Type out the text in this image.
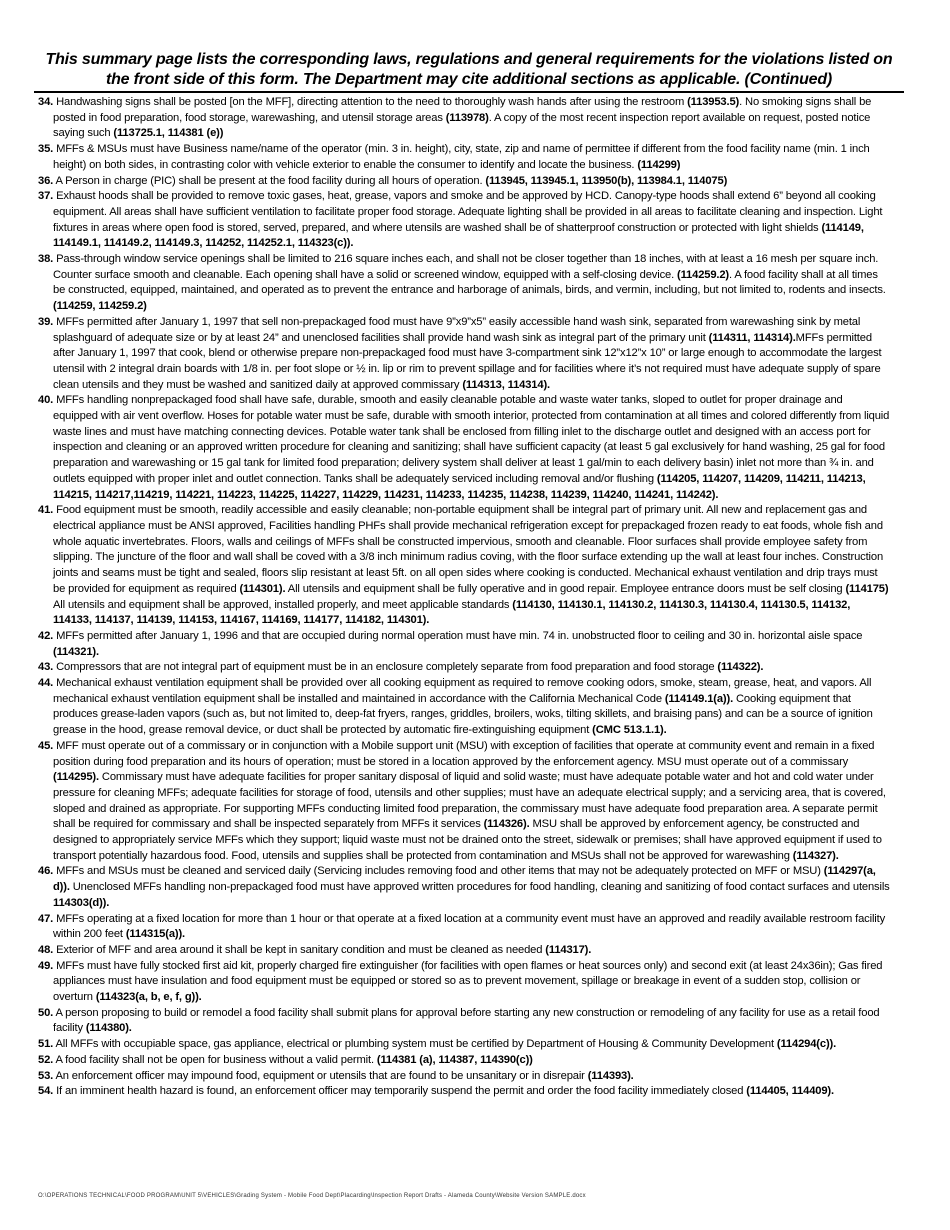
This summary page lists the corresponding laws, regulations and general requirements for the violations listed on the front side of this form. The Department may cite additional sections as applicable. (Continued)

34. Handwashing signs shall be posted [on the MFF], directing attention to the need to thoroughly wash hands after using the restroom (113953.5). No smoking signs shall be posted in food preparation, food storage, warewashing, and utensil storage areas (113978). A copy of the most recent inspection report available on request, posted notice saying such (113725.1, 114381 (e))

35. MFFs & MSUs must have Business name/name of the operator (min. 3 in. height), city, state, zip and name of permittee if different from the food facility name (min. 1 inch height) on both sides, in contrasting color with vehicle exterior to enable the consumer to identify and locate the business. (114299)

36. A Person in charge (PIC) shall be present at the food facility during all hours of operation. (113945, 113945.1, 113950(b), 113984.1, 114075)

37. Exhaust hoods shall be provided to remove toxic gases, heat, grease, vapors and smoke and be approved by HCD. Canopy-type hoods shall extend 6” beyond all cooking equipment. All areas shall have sufficient ventilation to facilitate proper food storage. Adequate lighting shall be provided in all areas to facilitate cleaning and inspection. Light fixtures in areas where open food is stored, served, prepared, and where utensils are washed shall be of shatterproof construction or protected with light shields (114149, 114149.1, 114149.2, 114149.3, 114252, 114252.1, 114323(c)).

38. Pass-through window service openings shall be limited to 216 square inches each, and shall not be closer together than 18 inches, with at least a 16 mesh per square inch. Counter surface smooth and cleanable. Each opening shall have a solid or screened window, equipped with a self-closing device. (114259.2). A food facility shall at all times be constructed, equipped, maintained, and operated as to prevent the entrance and harborage of animals, birds, and vermin, including, but not limited to, rodents and insects. (114259, 114259.2)

39. MFFs permitted after January 1, 1997 that sell non-prepackaged food must have 9”x9”x5” easily accessible hand wash sink, separated from warewashing sink by metal splashguard of adequate size or by at least 24” and unenclosed facilities shall provide hand wash sink as integral part of the primary unit (114311, 114314).MFFs permitted after January 1, 1997 that cook, blend or otherwise prepare non-prepackaged food must have 3-compartment sink 12”x12”x 10” or large enough to accommodate the largest utensil with 2 integral drain boards with 1/8 in. per foot slope or ½ in. lip or rim to prevent spillage and for facilities where it’s not required must have adequate supply of spare clean utensils and they must be washed and sanitized daily at approved commissary (114313, 114314).

40. MFFs handling nonprepackaged food shall have safe, durable, smooth and easily cleanable potable and waste water tanks, sloped to outlet for proper drainage and equipped with air vent overflow. Hoses for potable water must be safe, durable with smooth interior, protected from contamination at all times and colored differently from liquid waste lines and must have matching connecting devices. Potable water tank shall be enclosed from filling inlet to the discharge outlet and designed with an access port for inspection and cleaning or an approved written procedure for cleaning and sanitizing; shall have sufficient capacity (at least 5 gal exclusively for hand washing, 25 gal for food preparation and warewashing or 15 gal tank for limited food preparation; delivery system shall deliver at least 1 gal/min to each delivery basin) inlet not more than ¾ in. and outlets equipped with proper inlet and outlet connection. Tanks shall be adequately serviced including removal and/or flushing (114205, 114207, 114209, 114211, 114213, 114215, 114217,114219, 114221, 114223, 114225, 114227, 114229, 114231, 114233, 114235, 114238, 114239, 114240, 114241, 114242).

41. Food equipment must be smooth, readily accessible and easily cleanable; non-portable equipment shall be integral part of primary unit. All new and replacement gas and electrical appliance must be ANSI approved, Facilities handling PHFs shall provide mechanical refrigeration except for prepackaged frozen ready to eat foods, whole fish and whole aquatic invertebrates. Floors, walls and ceilings of MFFs shall be constructed impervious, smooth and cleanable. Floor surfaces shall provide employee safety from slipping. The juncture of the floor and wall shall be coved with a 3/8 inch minimum radius coving, with the floor surface extending up the wall at least four inches. Construction joints and seams must be tight and sealed, floors slip resistant at least 5ft. on all open sides where cooking is conducted. Mechanical exhaust ventilation and drip trays must be provided for equipment as required (114301). All utensils and equipment shall be fully operative and in good repair. Employee entrance doors must be self closing (114175) All utensils and equipment shall be approved, installed properly, and meet applicable standards (114130, 114130.1, 114130.2, 114130.3, 114130.4, 114130.5, 114132, 114133, 114137, 114139, 114153, 114167, 114169, 114177, 114182, 114301).

42. MFFs permitted after January 1, 1996 and that are occupied during normal operation must have min. 74 in. unobstructed floor to ceiling and 30 in. horizontal aisle space (114321).

43. Compressors that are not integral part of equipment must be in an enclosure completely separate from food preparation and food storage (114322).

44. Mechanical exhaust ventilation equipment shall be provided over all cooking equipment as required to remove cooking odors, smoke, steam, grease, heat, and vapors. All mechanical exhaust ventilation equipment shall be installed and maintained in accordance with the California Mechanical Code (114149.1(a)). Cooking equipment that produces grease-laden vapors (such as, but not limited to, deep-fat fryers, ranges, griddles, broilers, woks, tilting skillets, and braising pans) and can be a source of ignition grease in the hood, grease removal device, or duct shall be protected by automatic fire-extinguishing equipment (CMC 513.1.1).

45. MFF must operate out of a commissary or in conjunction with a Mobile support unit (MSU) with exception of facilities that operate at community event and remain in a fixed position during food preparation and its hours of operation; must be stored in a location approved by the enforcement agency. MSU must operate out of a commissary (114295). Commissary must have adequate facilities for proper sanitary disposal of liquid and solid waste; must have adequate potable water and hot and cold water under pressure for cleaning MFFs; adequate facilities for storage of food, utensils and other supplies; must have an adequate electrical supply; and a servicing area, that is covered, sloped and drained as appropriate. For supporting MFFs conducting limited food preparation, the commissary must have adequate food preparation area. A separate permit shall be required for commissary and shall be inspected separately from MFFs it services (114326). MSU shall be approved by enforcement agency, be constructed and designed to appropriately service MFFs which they support; liquid waste must not be drained onto the street, sidewalk or premises; shall have approved equipment if used to transport potentially hazardous food. Food, utensils and supplies shall be protected from contamination and MSUs shall not be approved for warewashing (114327).

46. MFFs and MSUs must be cleaned and serviced daily (Servicing includes removing food and other items that may not be adequately protected on MFF or MSU) (114297(a, d)). Unenclosed MFFs handling non-prepackaged food must have approved written procedures for food handling, cleaning and sanitizing of food contact surfaces and utensils 114303(d)).

47. MFFs operating at a fixed location for more than 1 hour or that operate at a fixed location at a community event must have an approved and readily available restroom facility within 200 feet (114315(a)).

48. Exterior of MFF and area around it shall be kept in sanitary condition and must be cleaned as needed (114317).

49. MFFs must have fully stocked first aid kit, properly charged fire extinguisher (for facilities with open flames or heat sources only) and second exit (at least 24x36in); Gas fired appliances must have insulation and food equipment must be equipped or stored so as to prevent movement, spillage or breakage in event of a sudden stop, collision or overturn (114323(a, b, e, f, g)).

50. A person proposing to build or remodel a food facility shall submit plans for approval before starting any new construction or remodeling of any facility for use as a retail food facility (114380).

51. All MFFs with occupiable space, gas appliance, electrical or plumbing system must be certified by Department of Housing & Community Development (114294(c)).

52. A food facility shall not be open for business without a valid permit. (114381 (a), 114387, 114390(c))

53. An enforcement officer may impound food, equipment or utensils that are found to be unsanitary or in disrepair (114393).

54. If an imminent health hazard is found, an enforcement officer may temporarily suspend the permit and order the food facility immediately closed (114405, 114409).

O:\OPERATIONS TECHNICAL\FOOD PROGRAM\UNIT 5\VEHICLES\Grading System - Mobile Food Dept\Placarding\Inspection Report Drafts - Alameda County\Website Version SAMPLE.docx
